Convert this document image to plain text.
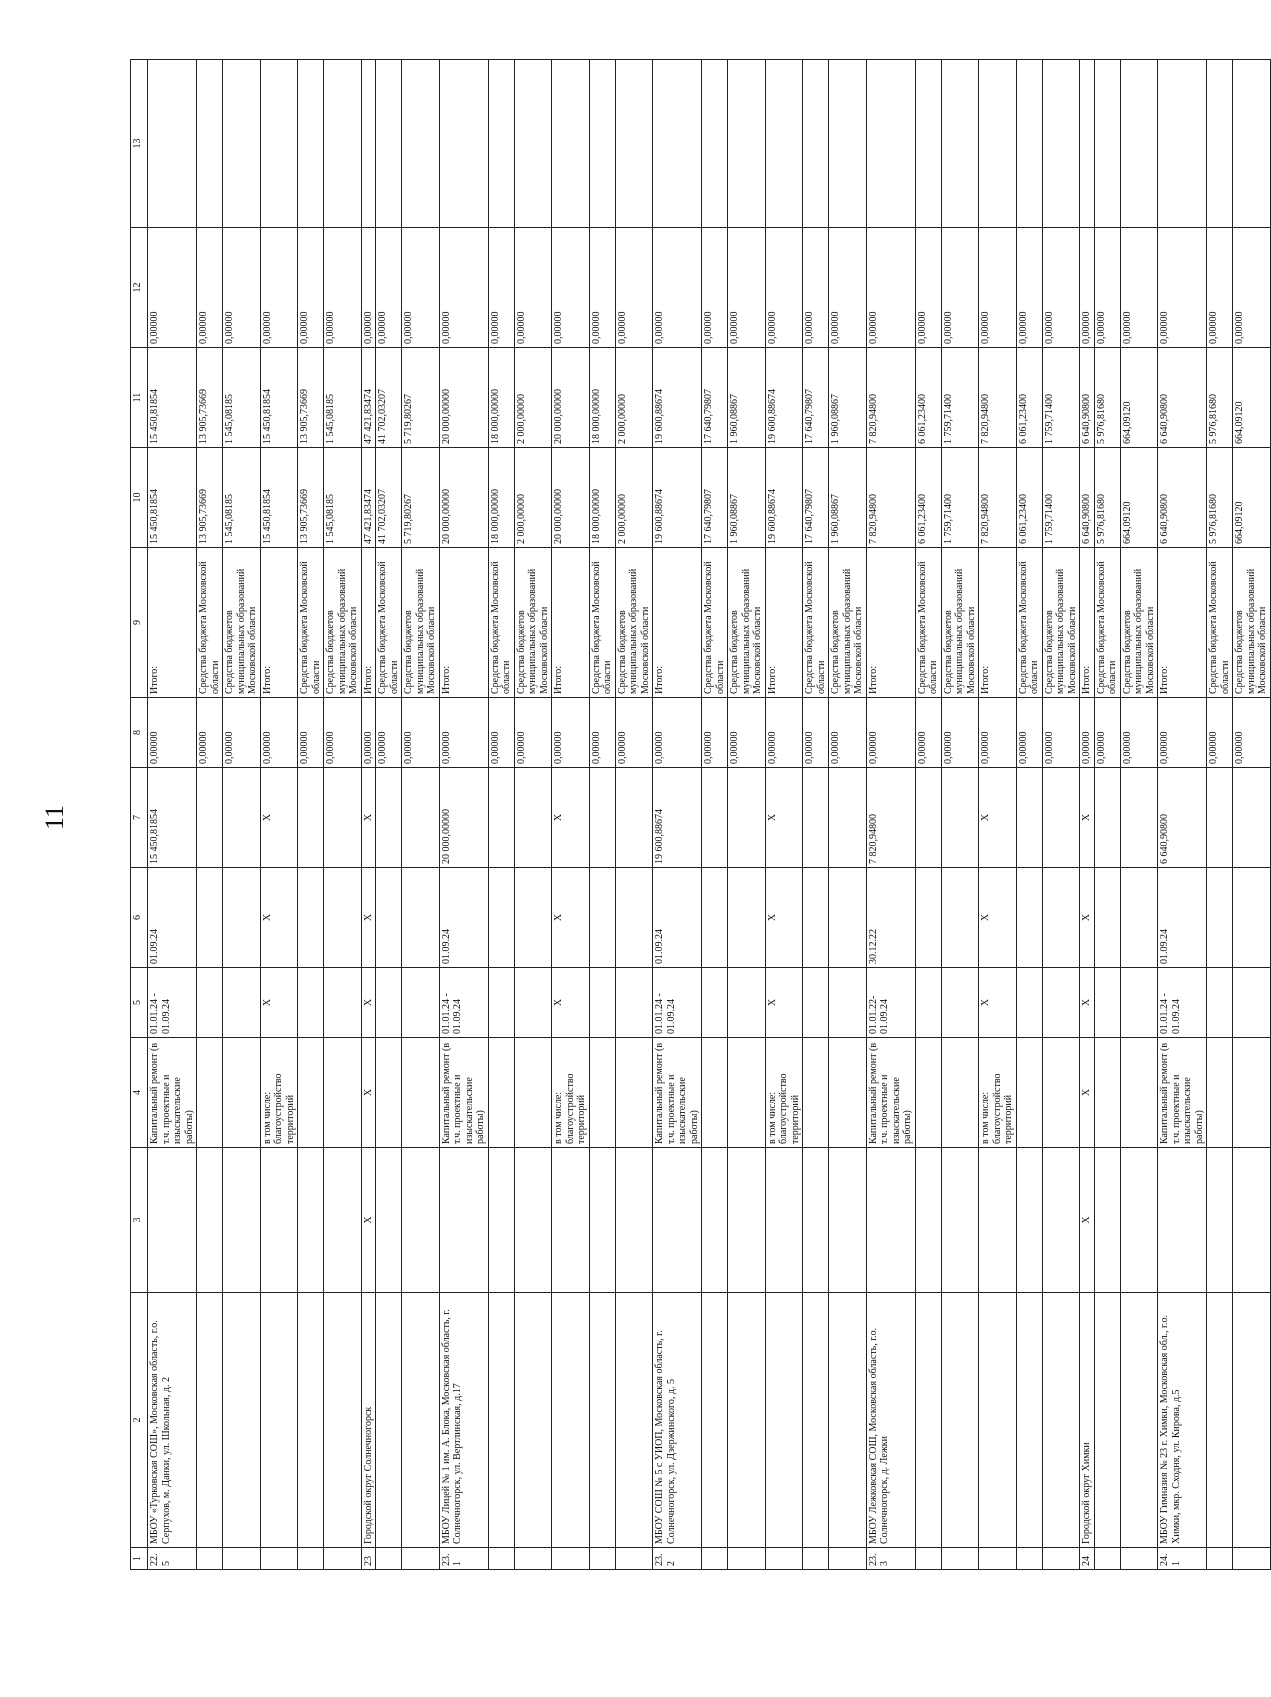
11
1	2	3	4	5	6	7	8	9	10	11	12	13
22.5	МБОУ «Турковская СОШ», Московская область, г.о. Серпухов, м. Данки, ул. Школьная, д. 2		Капитальный ремонт (в т.ч. проектные и изыскательские работы)	01.01.24 - 01.09.24	01.09.24	15 450,81854	0,00000	Итого:	15 450,81854	15 450,81854	0,00000	
							0,00000	Средства бюджета Московской области	13 905,73669	13 905,73669	0,00000	
							0,00000	Средства бюджетов муниципальных образований Московской области	1 545,08185	1 545,08185	0,00000	
			в том числе: благоустройство территорий	X	X	X	0,00000	Итого:	15 450,81854	15 450,81854	0,00000	
							0,00000	Средства бюджета Московской области	13 905,73669	13 905,73669	0,00000	
							0,00000	Средства бюджетов муниципальных образований Московской области	1 545,08185	1 545,08185	0,00000	
23	Городской округ Солнечногорск	X	X	X	X	X	0,00000	Итого:	47 421,83474	47 421,83474	0,00000	
							0,00000	Средства бюджета Московской области	41 702,03207	41 702,03207	0,00000	
							0,00000	Средства бюджетов муниципальных образований Московской области	5 719,80267	5 719,80267	0,00000	
23.1	МБОУ Лицей № 1 им. А. Блока, Московская область, г. Солнечногорск, ул. Вертлинская, д.17		Капитальный ремонт (в т.ч. проектные и изыскательские работы)	01.01.24 - 01.09.24	01.09.24	20 000,00000	0,00000	Итого:	20 000,00000	20 000,00000	0,00000	
							0,00000	Средства бюджета Московской области	18 000,00000	18 000,00000	0,00000	
							0,00000	Средства бюджетов муниципальных образований Московской области	2 000,00000	2 000,00000	0,00000	
			в том числе: благоустройство территорий	X	X	X	0,00000	Итого:	20 000,00000	20 000,00000	0,00000	
							0,00000	Средства бюджета Московской области	18 000,00000	18 000,00000	0,00000	
							0,00000	Средства бюджетов муниципальных образований Московской области	2 000,00000	2 000,00000	0,00000	
23.2	МБОУ СОШ № 5 с УИОП, Московская область, г. Солнечногорск, ул. Дзержинского, д. 5		Капитальный ремонт (в т.ч. проектные и изыскательские работы)	01.01.24 - 01.09.24	01.09.24	19 600,88674	0,00000	Итого:	19 600,88674	19 600,88674	0,00000	
							0,00000	Средства бюджета Московской области	17 640,79807	17 640,79807	0,00000	
							0,00000	Средства бюджетов муниципальных образований Московской области	1 960,08867	1 960,08867	0,00000	
			в том числе: благоустройство территорий	X	X	X	0,00000	Итого:	19 600,88674	19 600,88674	0,00000	
							0,00000	Средства бюджета Московской области	17 640,79807	17 640,79807	0,00000	
							0,00000	Средства бюджетов муниципальных образований Московской области	1 960,08867	1 960,08867	0,00000	
23.3	МБОУ Лежковская СОШ, Московская область, г.о. Солнечногорск, д. Лежки		Капитальный ремонт (в т.ч. проектные и изыскательские работы)	01.01.22- 01.09.24	30.12.22	7 820,94800	0,00000	Итого:	7 820,94800	7 820,94800	0,00000	
							0,00000	Средства бюджета Московской области	6 061,23400	6 061,23400	0,00000	
							0,00000	Средства бюджетов муниципальных образований Московской области	1 759,71400	1 759,71400	0,00000	
			в том числе: благоустройство территорий	X	X	X	0,00000	Итого:	7 820,94800	7 820,94800	0,00000	
							0,00000	Средства бюджета Московской области	6 061,23400	6 061,23400	0,00000	
							0,00000	Средства бюджетов муниципальных образований Московской области	1 759,71400	1 759,71400	0,00000	
24	Городской округ Химки	X	X	X	X	X	0,00000	Итого:	6 640,90800	6 640,90800	0,00000	
							0,00000	Средства бюджета Московской области	5 976,81680	5 976,81680	0,00000	
							0,00000	Средства бюджетов муниципальных образований Московской области	664,09120	664,09120	0,00000	
24.1	МБОУ Гимназия № 23 г. Химки, Московская обл., г.о. Химки, мкр. Сходня, ул. Кирова, д.5		Капитальный ремонт (в т.ч. проектные и изыскательские работы)	01.01.24 - 01.09.24	01.09.24	6 640,90800	0,00000	Итого:	6 640,90800	6 640,90800	0,00000	
							0,00000	Средства бюджета Московской области	5 976,81680	5 976,81680	0,00000	
							0,00000	Средства бюджетов муниципальных образований Московской области	664,09120	664,09120	0,00000	
